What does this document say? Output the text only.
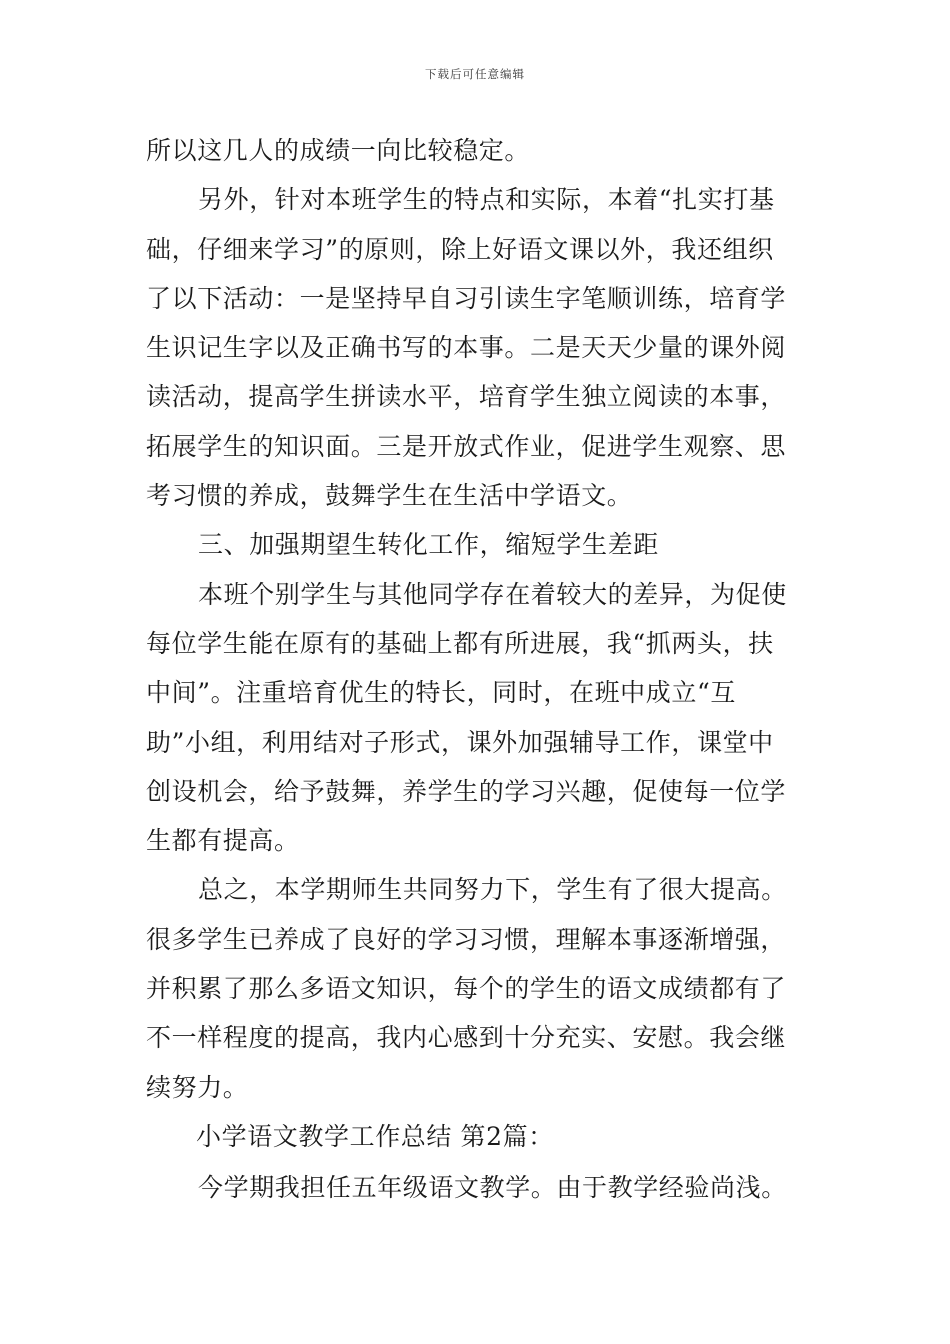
下载后可任意编辑
所以这几人的成绩一向比较稳定。
另外，针对本班学生的特点和实际，本着“扎实打基
础，仔细来学习”的原则，除上好语文课以外，我还组织
了以下活动：一是坚持早自习引读生字笔顺训练，培育学
生识记生字以及正确书写的本事。二是天天少量的课外阅
读活动，提高学生拼读水平，培育学生独立阅读的本事，
拓展学生的知识面。三是开放式作业，促进学生观察、思
考习惯的养成，鼓舞学生在生活中学语文。
三、加强期望生转化工作，缩短学生差距
本班个别学生与其他同学存在着较大的差异，为促使
每位学生能在原有的基础上都有所进展，我“抓两头，扶
中间”。注重培育优生的特长，同时，在班中成立“互
助”小组，利用结对子形式，课外加强辅导工作，课堂中
创设机会，给予鼓舞，养学生的学习兴趣，促使每一位学
生都有提高。
总之，本学期师生共同努力下，学生有了很大提高。
很多学生已养成了良好的学习习惯，理解本事逐渐增强，
并积累了那么多语文知识，每个的学生的语文成绩都有了
不一样程度的提高，我内心感到十分充实、安慰。我会继
续努力。
小学语文教学工作总结 第2篇：
今学期我担任五年级语文教学。由于教学经验尚浅。
